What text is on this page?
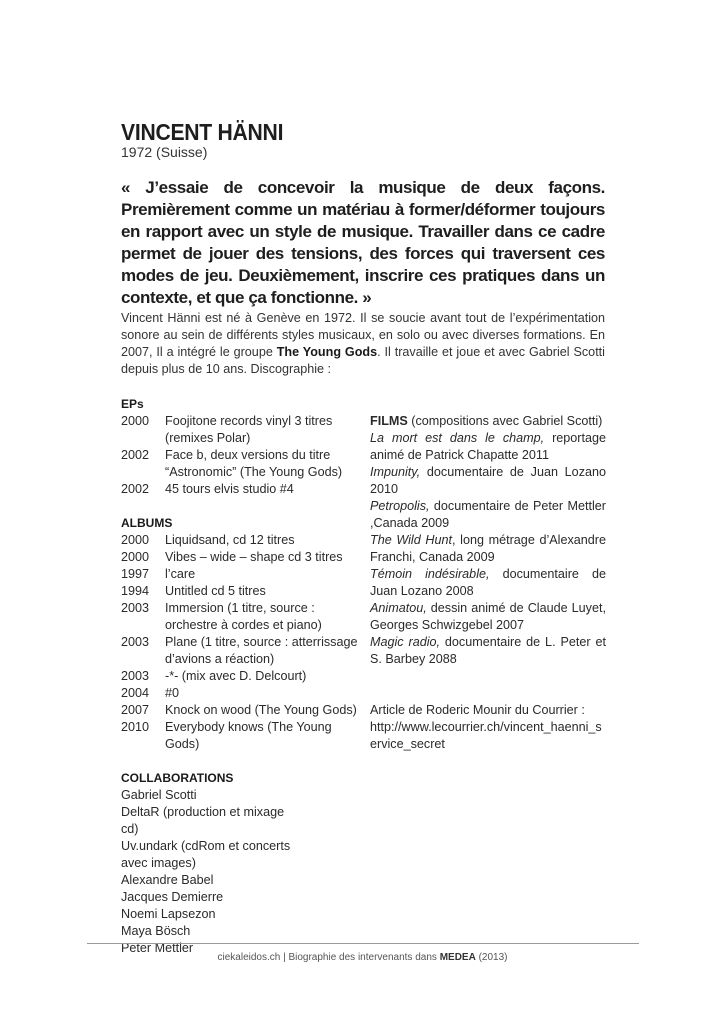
VINCENT HÄNNI
1972 (Suisse)

« J’essaie de concevoir la musique de deux façons. Premièrement comme un matériau à former/déformer toujours en rapport avec un style de musique. Travailler dans ce cadre permet de jouer des tensions, des forces qui traversent ces modes de jeu. Deuxièmement, inscrire ces pratiques dans un contexte, et que ça fonctionne. »

Vincent Hänni est né à Genève en 1972. Il se soucie avant tout de l’expérimentation sonore au sein de différents styles musicaux, en solo ou avec diverses formations. En 2007, Il a intégré le groupe The Young Gods. Il travaille et joue et avec Gabriel Scotti depuis plus de 10 ans. Discographie :

EPs
2000	Foojitone records vinyl 3 titres (remixes Polar)
2002	Face b, deux versions du titre “Astronomic” (The Young Gods)
2002	45 tours elvis studio #4
ALBUMS
2000	Liquidsand, cd 12 titres
2000	Vibes – wide – shape cd 3 titres
1997	l’care
1994	Untitled cd 5 titres
2003	Immersion (1 titre, source : orchestre à cordes et piano)
2003	Plane (1 titre, source : atterrissage d’avions a réaction)
2003	-*- (mix avec D. Delcourt)
2004	#0
2007	Knock on wood (The Young Gods)
2010	Everybody knows (The Young Gods)
COLLABORATIONS
Gabriel Scotti
DeltaR (production et mixage cd)
Uv.undark (cdRom et concerts avec images)
Alexandre Babel
Jacques Demierre
Noemi Lapsezon
Maya Bösch
Peter Mettler
FILMS (compositions avec Gabriel Scotti)
La mort est dans le champ, reportage animé de Patrick Chapatte 2011
Impunity, documentaire de Juan Lozano 2010
Petropolis, documentaire de Peter Mettler ,Canada 2009
The Wild Hunt, long métrage d’Alexandre Franchi, Canada 2009
Témoin indésirable, documentaire de Juan Lozano 2008
Animatou, dessin animé de Claude Luyet, Georges Schwizgebel 2007
Magic radio, documentaire de L. Peter et S. Barbey 2088
Article de Roderic Mounir du Courrier :
http://www.lecourrier.ch/vincent_haenni_service_secret
ciekaleidos.ch | Biographie des intervenants dans MEDEA (2013)
